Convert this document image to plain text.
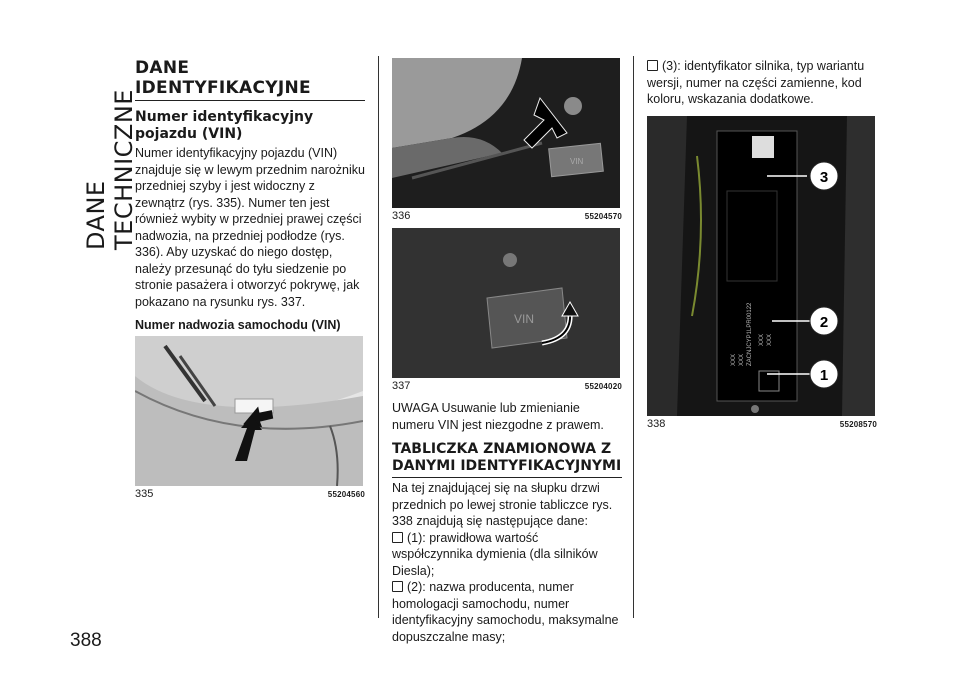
DANE TECHNICZNE
388
DANE IDENTYFIKACYJNE
Numer identyfikacyjny pojazdu (VIN)

Numer identyfikacyjny pojazdu (VIN) znajduje się w lewym przednim narożniku przedniej szyby i jest widoczny z zewnątrz (rys. 335). Numer ten jest również wybity w przedniej prawej części nadwozia, na przedniej podłodze (rys. 336). Aby uzyskać do niego dostęp, należy przesunąć do tyłu siedzenie po stronie pasażera i otworzyć pokrywę, jak pokazano na rysunku rys. 337.

Numer nadwozia samochodu (VIN)
335	55204560
VIN
336	55204570
VIN
337	55204020

UWAGA Usuwanie lub zmienianie numeru VIN jest niezgodne z prawem.

TABLICZKA ZNAMIONOWA Z DANYMI IDENTYFIKACYJNYMI

Na tej znajdującej się na słupku drzwi przednich po lewej stronie tabliczce rys. 338 znajdują się następujące dane:

(1): prawidłowa wartość współczynnika dymienia (dla silników Diesla);

(2): nazwa producenta, numer homologacji samochodu, numer identyfikacyjny samochodu, maksymalne dopuszczalne masy;

(3): identyfikator silnika, typ wariantu wersji, numer na części zamienne, kod koloru, wskazania dodatkowe.

ZACNJCYP1LPR00122
XXX
XXX
XXX XXX
3
2
1
338	55208570
